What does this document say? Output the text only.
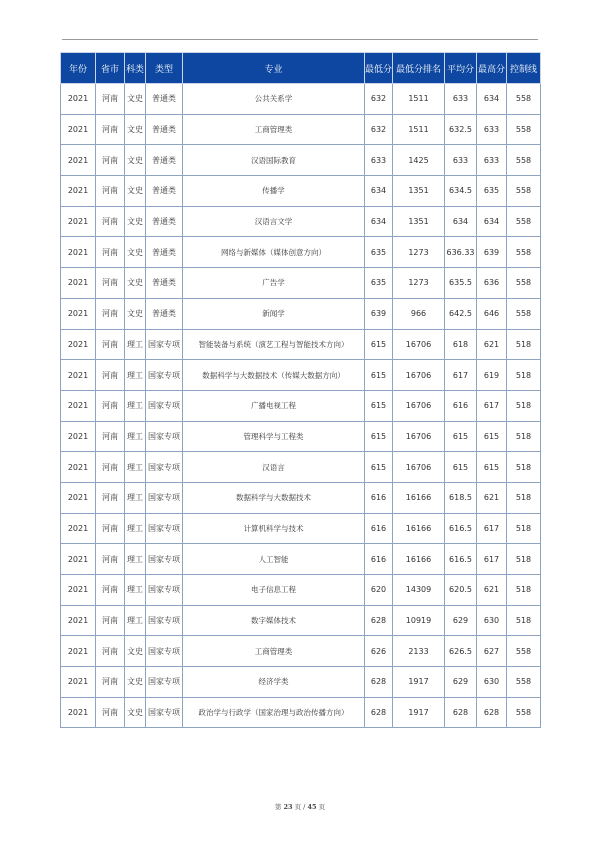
年份	省市	科类	类型	专业	最低分	最低分排名	平均分	最高分	控制线
2021	河南	文史	普通类	公共关系学	632	1511	633	634	558
2021	河南	文史	普通类	工商管理类	632	1511	632.5	633	558
2021	河南	文史	普通类	汉语国际教育	633	1425	633	633	558
2021	河南	文史	普通类	传播学	634	1351	634.5	635	558
2021	河南	文史	普通类	汉语言文学	634	1351	634	634	558
2021	河南	文史	普通类	网络与新媒体（媒体创意方向）	635	1273	636.33	639	558
2021	河南	文史	普通类	广告学	635	1273	635.5	636	558
2021	河南	文史	普通类	新闻学	639	966	642.5	646	558
2021	河南	理工	国家专项	智能装备与系统（演艺工程与智能技术方向）	615	16706	618	621	518
2021	河南	理工	国家专项	数据科学与大数据技术（传媒大数据方向）	615	16706	617	619	518
2021	河南	理工	国家专项	广播电视工程	615	16706	616	617	518
2021	河南	理工	国家专项	管理科学与工程类	615	16706	615	615	518
2021	河南	理工	国家专项	汉语言	615	16706	615	615	518
2021	河南	理工	国家专项	数据科学与大数据技术	616	16166	618.5	621	518
2021	河南	理工	国家专项	计算机科学与技术	616	16166	616.5	617	518
2021	河南	理工	国家专项	人工智能	616	16166	616.5	617	518
2021	河南	理工	国家专项	电子信息工程	620	14309	620.5	621	518
2021	河南	理工	国家专项	数字媒体技术	628	10919	629	630	518
2021	河南	文史	国家专项	工商管理类	626	2133	626.5	627	558
2021	河南	文史	国家专项	经济学类	628	1917	629	630	558
2021	河南	文史	国家专项	政治学与行政学（国家治理与政治传播方向）	628	1917	628	628	558
第 23 页 / 45 页
